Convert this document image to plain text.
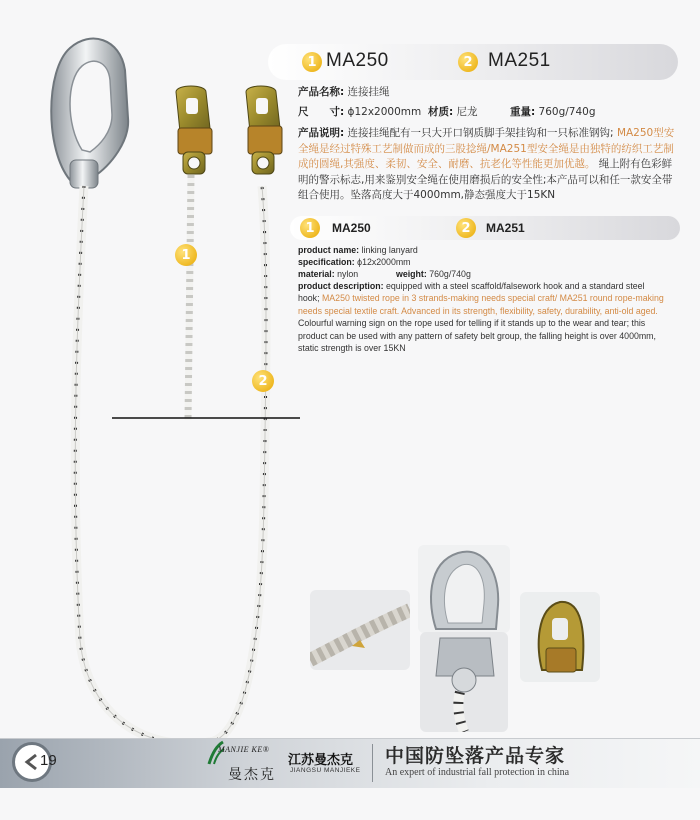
1
2
1 MA250	2 MA251
产品名称: 连接挂绳
尺　　寸: ϕ12x2000mm 材质: 尼龙	重量: 760g/740g
产品说明: 连接挂绳配有一只大开口钢质脚手架挂钩和一只标准钢钩; MA250型安全绳是经过特殊工艺制做而成的三股捻绳/MA251型安全绳是由独特的纺织工艺制成的圆绳,其强度、柔韧、安全、耐磨、抗老化等性能更加优越。 绳上附有色彩鲜明的警示标志,用来鉴别安全绳在使用磨损后的安全性;本产品可以和任一款安全带组合使用。坠落高度大于4000mm,静态强度大于15KN
1	MA250	2	MA251
product name: linking lanyard
specification: ϕ12x2000mm
material: nylon	weight: 760g/740g
product description: equipped with a steel scaffold/falsework hook and a standard steel hook; MA250 twisted rope in 3 strands-making needs special craft/ MA251 round rope-making needs special textile craft. Advanced in its strength, flexibility, safety, durability, anti-old aged. Colourful warning sign on the rope used for telling if it stands up to the wear and tear; this product can be used with any pattern of safety belt group, the falling height is over 4000mm, static strength is over 15KN
19
MANJIE KE®
曼杰克
江苏曼杰克
JIANGSU MANJIEKE
中国防坠落产品专家
An expert of industrial fall protection in china
